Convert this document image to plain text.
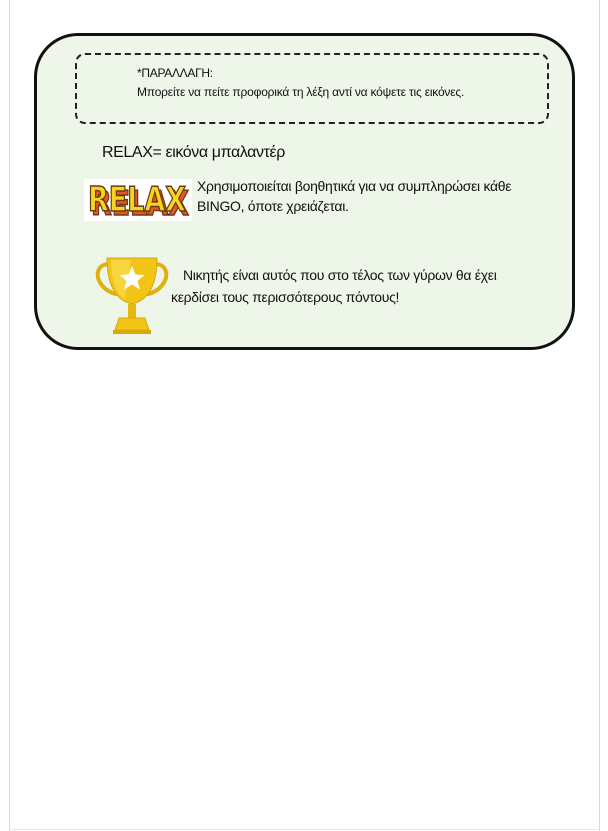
*ΠΑΡΑΛΛΑΓΗ:
Μπορείτε να πείτε προφορικά τη λέξη αντί να κόψετε τις εικόνες.
RELAX= εικόνα μπαλαντέρ
RELAX
RELAX Χρησιμοποιείται βοηθητικά για να συμπληρώσει κάθε BINGO, όποτε χρειάζεται.
Νικητής είναι αυτός που στο τέλος των γύρων θα έχει κερδίσει τους περισσότερους πόντους!
